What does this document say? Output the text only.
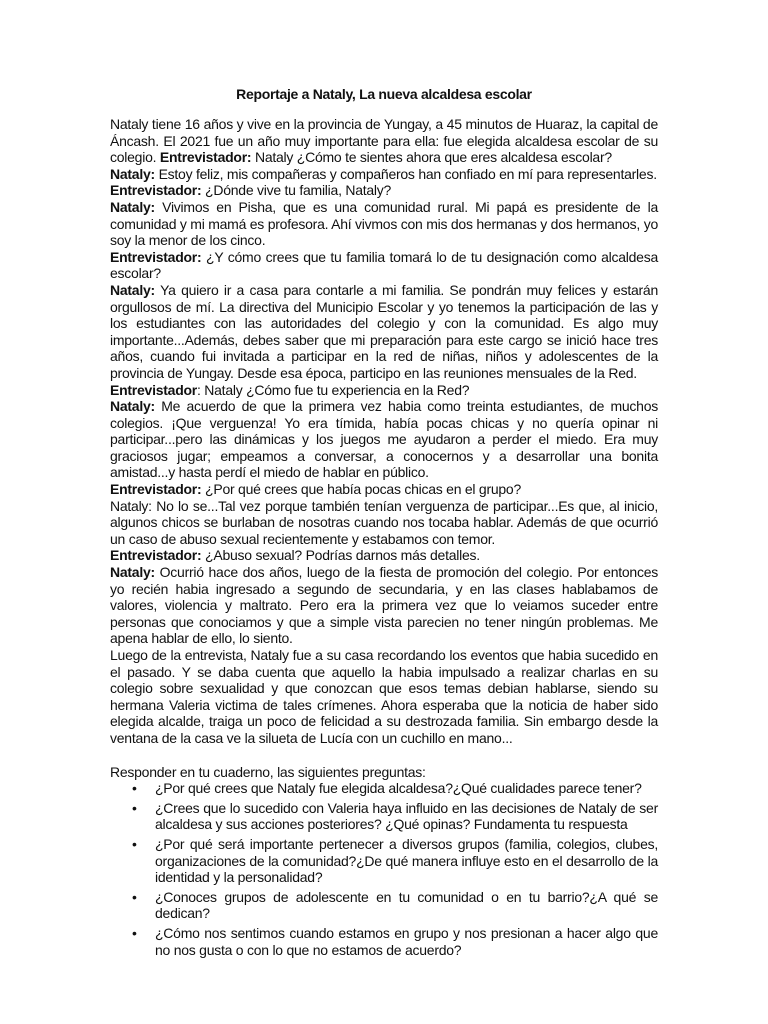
Reportaje a Nataly, La nueva alcaldesa escolar

Nataly tiene 16 años y vive en la provincia de Yungay, a 45 minutos de Huaraz, la capital de Áncash. El 2021 fue un año muy importante para ella: fue elegida alcaldesa escolar de su colegio. Entrevistador: Nataly ¿Cómo te sientes ahora que eres alcaldesa escolar?

Nataly: Estoy feliz, mis compañeras y compañeros han confiado en mí para representarles.

Entrevistador: ¿Dónde vive tu familia, Nataly?

Nataly: Vivimos en Pisha, que es una comunidad rural. Mi papá es presidente de la comunidad y mi mamá es profesora. Ahí vivmos con mis dos hermanas y dos hermanos, yo soy la menor de los cinco.

Entrevistador: ¿Y cómo crees que tu familia tomará lo de tu designación como alcaldesa escolar?

Nataly: Ya quiero ir a casa para contarle a mi familia. Se pondrán muy felices y estarán orgullosos de mí. La directiva del Municipio Escolar y yo tenemos la participación de las y los estudiantes con las autoridades del colegio y con la comunidad. Es algo muy importante...Además, debes saber que mi preparación para este cargo se inició hace tres años, cuando fui invitada a participar en la red de niñas, niños y adolescentes de la provincia de Yungay. Desde esa época, participo en las reuniones mensuales de la Red.

Entrevistador: Nataly ¿Cómo fue tu experiencia en la Red?

Nataly: Me acuerdo de que la primera vez habia como treinta estudiantes, de muchos colegios. ¡Que verguenza! Yo era tímida, había pocas chicas y no quería opinar ni participar...pero las dinámicas y los juegos me ayudaron a perder el miedo. Era muy graciosos jugar; empeamos a conversar, a conocernos y a desarrollar una bonita amistad...y hasta perdí el miedo de hablar en público.

Entrevistador: ¿Por qué crees que había pocas chicas en el grupo?

Nataly: No lo se...Tal vez porque también tenían verguenza de participar...Es que, al inicio, algunos chicos se burlaban de nosotras cuando nos tocaba hablar. Además de que ocurrió un caso de abuso sexual recientemente y estabamos con temor.

Entrevistador: ¿Abuso sexual? Podrías darnos más detalles.

Nataly: Ocurrió hace dos años, luego de la fiesta de promoción del colegio. Por entonces yo recién habia ingresado a segundo de secundaria, y en las clases hablabamos de valores, violencia y maltrato. Pero era la primera vez que lo veiamos suceder entre personas que conociamos y que a simple vista parecien no tener ningún problemas. Me apena hablar de ello, lo siento.

Luego de la entrevista, Nataly fue a su casa recordando los eventos que habia sucedido en el pasado. Y se daba cuenta que aquello la habia impulsado a realizar charlas en su colegio sobre sexualidad y que conozcan que esos temas debian hablarse, siendo su hermana Valeria victima de tales crímenes. Ahora esperaba que la noticia de haber sido elegida alcalde, traiga un poco de felicidad a su destrozada familia. Sin embargo desde la ventana de la casa ve la silueta de Lucía con un cuchillo en mano...

Responder en tu cuaderno, las siguientes preguntas:

• ¿Por qué crees que Nataly fue elegida alcaldesa?¿Qué cualidades parece tener?
• ¿Crees que lo sucedido con Valeria haya influido en las decisiones de Nataly de ser alcaldesa y sus acciones posteriores? ¿Qué opinas? Fundamenta tu respuesta
• ¿Por qué será importante pertenecer a diversos grupos (familia, colegios, clubes, organizaciones de la comunidad?¿De qué manera influye esto en el desarrollo de la identidad y la personalidad?
• ¿Conoces grupos de adolescente en tu comunidad o en tu barrio?¿A qué se dedican?
• ¿Cómo nos sentimos cuando estamos en grupo y nos presionan a hacer algo que no nos gusta o con lo que no estamos de acuerdo?
